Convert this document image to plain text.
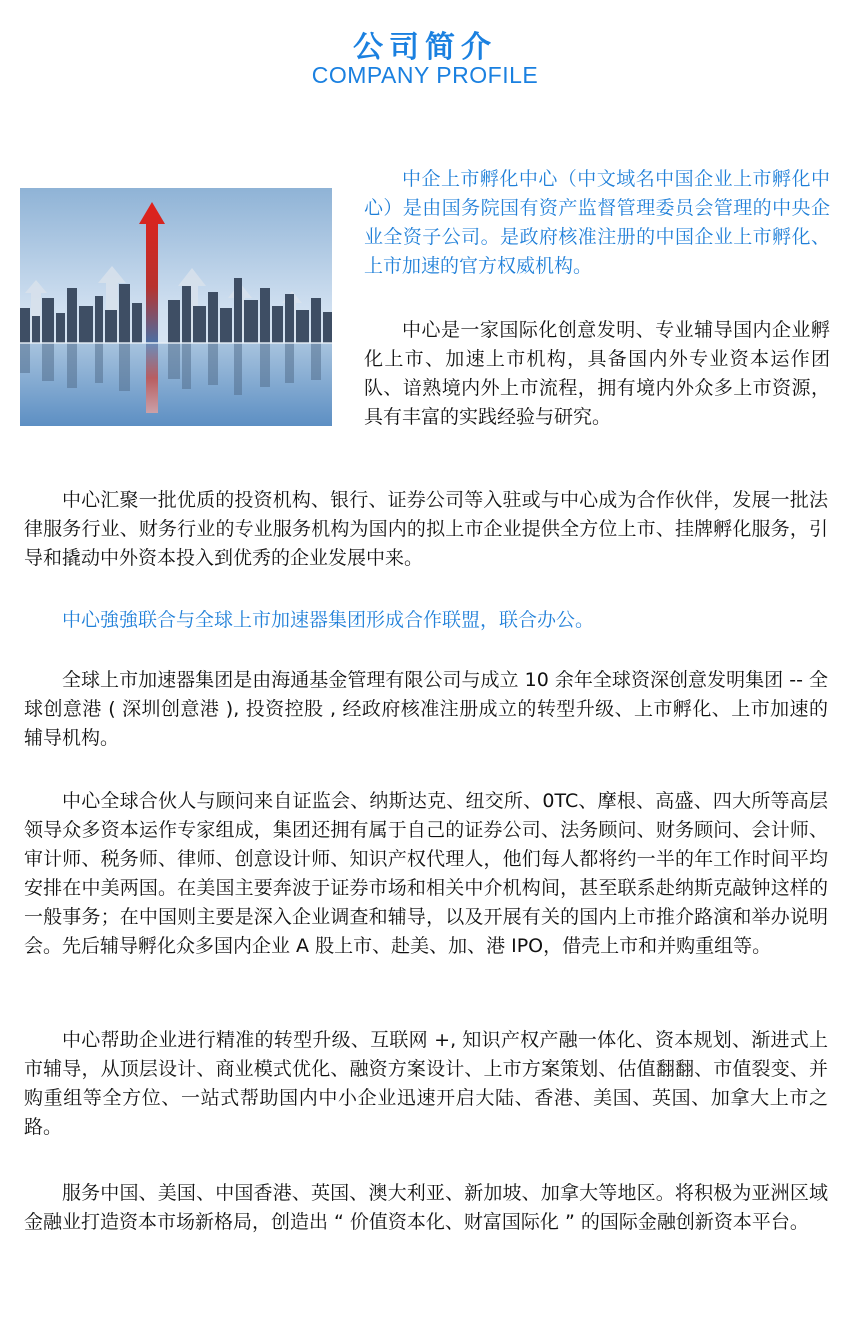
公司简介
COMPANY PROFILE

中企上市孵化中心（中文域名中国企业上市孵化中心）是由国务院国有资产监督管理委员会管理的中央企业全资子公司。是政府核准注册的中国企业上市孵化、上市加速的官方权威机构。

中心是一家国际化创意发明、专业辅导国内企业孵化上市、加速上市机构，具备国内外专业资本运作团队、谙熟境内外上市流程，拥有境内外众多上市资源，具有丰富的实践经验与研究。

中心汇聚一批优质的投资机构、银行、证券公司等入驻或与中心成为合作伙伴，发展一批法律服务行业、财务行业的专业服务机构为国内的拟上市企业提供全方位上市、挂牌孵化服务，引导和撬动中外资本投入到优秀的企业发展中来。

中心強強联合与全球上市加速器集团形成合作联盟，联合办公。

全球上市加速器集团是由海通基金管理有限公司与成立 10 余年全球资深创意发明集团 -- 全球创意港 ( 深圳创意港 ), 投资控股 , 经政府核准注册成立的转型升级、上市孵化、上市加速的辅导机构。

中心全球合伙人与顾问来自证监会、纳斯达克、纽交所、0TC、摩根、高盛、四大所等高层领导众多资本运作专家组成，集团还拥有属于自己的证券公司、法务顾问、财务顾问、会计师、审计师、税务师、律师、创意设计师、知识产权代理人，他们每人都将约一半的年工作时间平均安排在中美两国。在美国主要奔波于证券市场和相关中介机构间，甚至联系赴纳斯克敲钟这样的一般事务；在中国则主要是深入企业调查和辅导，以及开展有关的国内上市推介路演和举办说明会。先后辅导孵化众多国内企业 A 股上市、赴美、加、港 IPO，借壳上市和并购重组等。

中心帮助企业进行精准的转型升级、互联网 +, 知识产权产融一体化、资本规划、渐进式上市辅导，从顶层设计、商业模式优化、融资方案设计、上市方案策划、估值翻翻、市值裂变、并购重组等全方位、一站式帮助国内中小企业迅速开启大陆、香港、美国、英国、加拿大上市之路。

服务中国、美国、中国香港、英国、澳大利亚、新加坡、加拿大等地区。将积极为亚洲区域金融业打造资本市场新格局，创造出 “ 价值资本化、财富国际化 ” 的国际金融创新资本平台。
